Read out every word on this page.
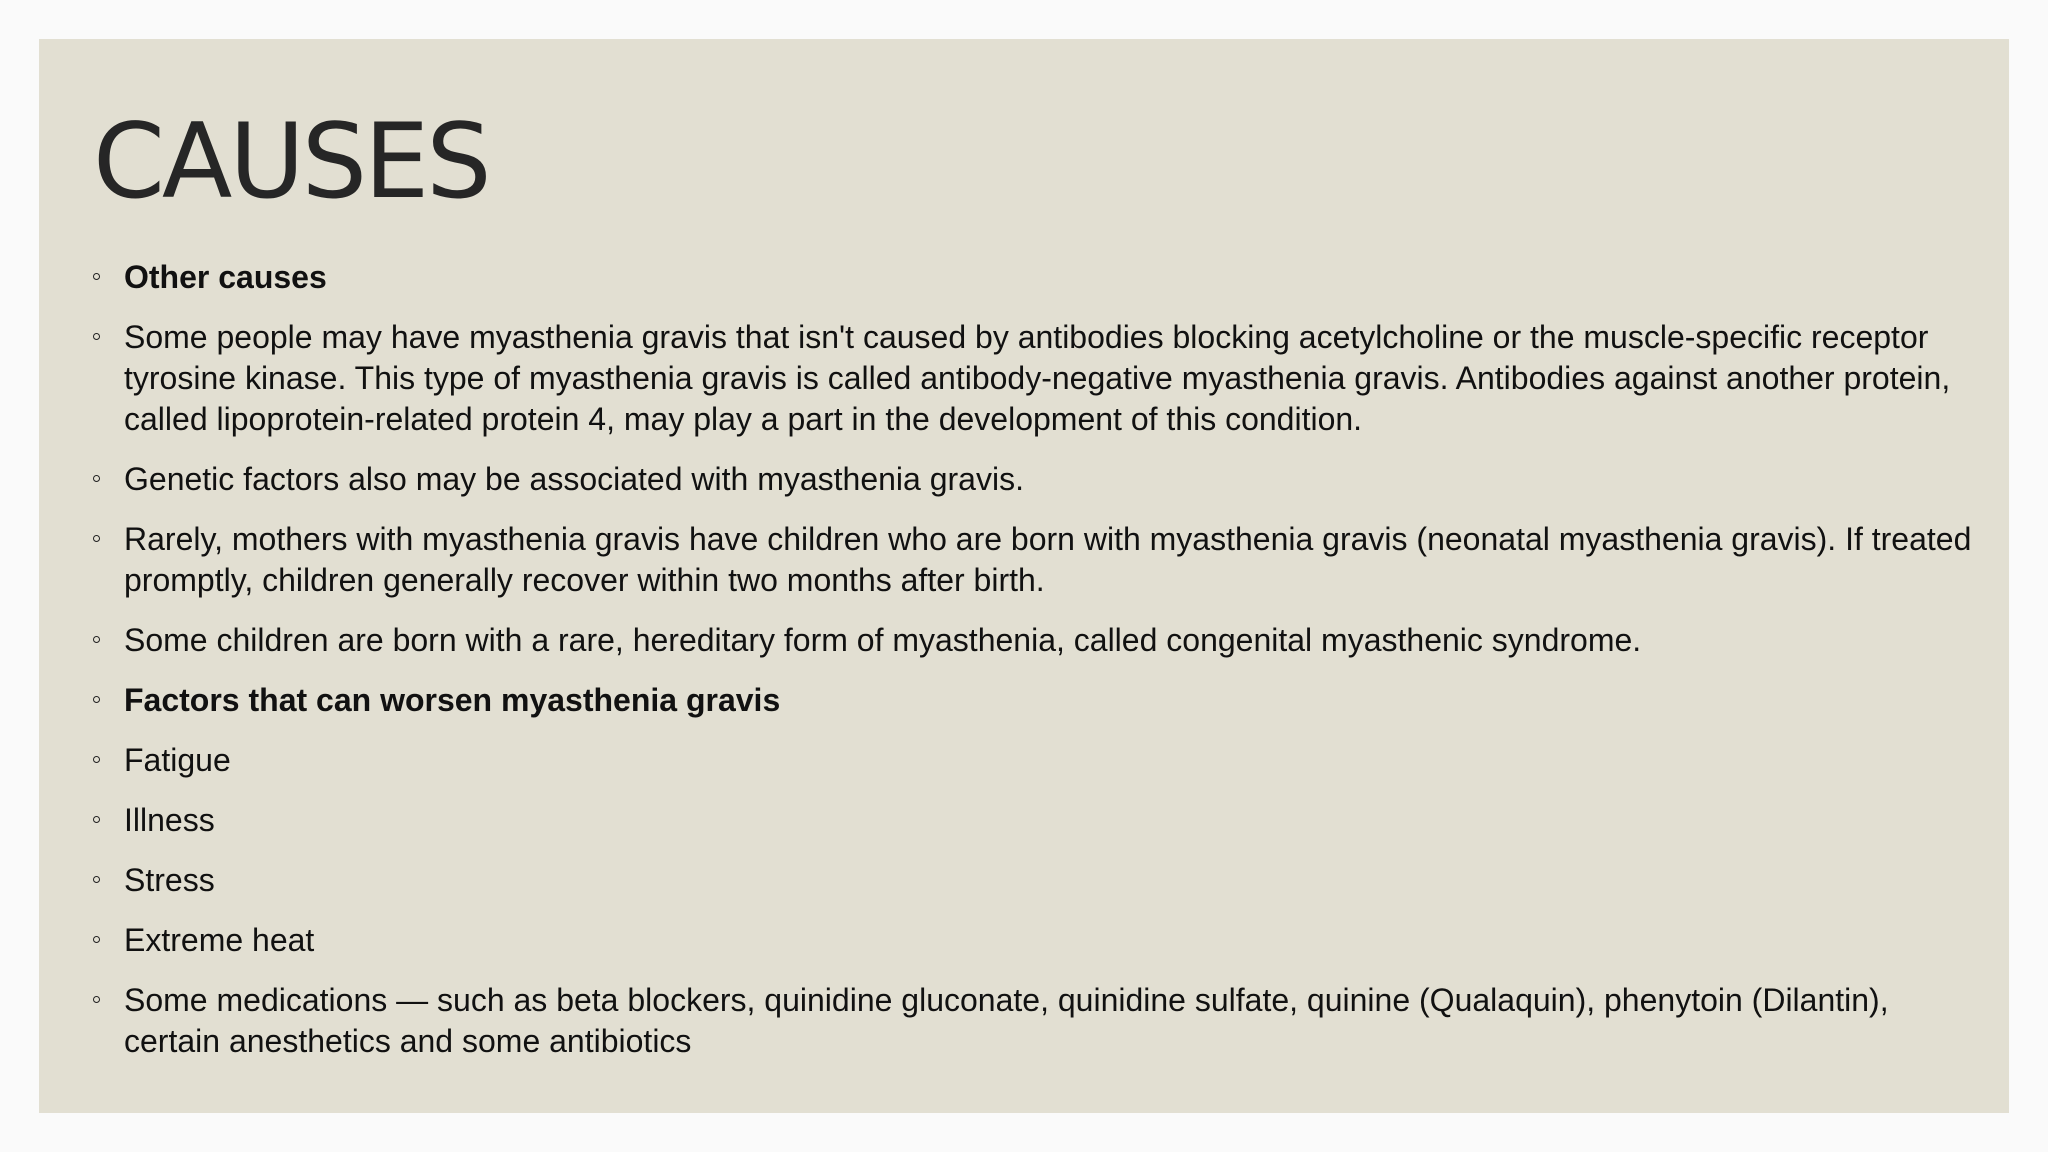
CAUSES
Other causes
Some people may have myasthenia gravis that isn't caused by antibodies blocking acetylcholine or the muscle-specific receptor tyrosine kinase. This type of myasthenia gravis is called antibody-negative myasthenia gravis. Antibodies against another protein, called lipoprotein-related protein 4, may play a part in the development of this condition.
Genetic factors also may be associated with myasthenia gravis.
Rarely, mothers with myasthenia gravis have children who are born with myasthenia gravis (neonatal myasthenia gravis). If treated promptly, children generally recover within two months after birth.
Some children are born with a rare, hereditary form of myasthenia, called congenital myasthenic syndrome.
Factors that can worsen myasthenia gravis
Fatigue
Illness
Stress
Extreme heat
Some medications — such as beta blockers, quinidine gluconate, quinidine sulfate, quinine (Qualaquin), phenytoin (Dilantin), certain anesthetics and some antibiotics
